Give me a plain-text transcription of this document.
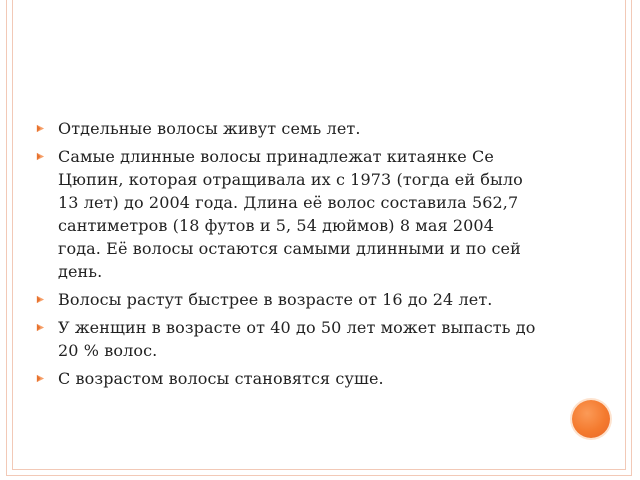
Отдельные волосы живут семь лет.
Самые длинные волосы принадлежат китаянке Се Цюпин, которая отращивала их с 1973 (тогда ей было 13 лет) до 2004 года. Длина её волос составила 562,7 сантиметров (18 футов и 5, 54 дюймов) 8 мая 2004 года. Её волосы остаются самыми длинными и по сей день.
Волосы растут быстрее в возрасте от 16 до 24 лет.
У женщин в возрасте от 40 до 50 лет может выпасть до 20 % волос.
С возрастом волосы становятся суше.
